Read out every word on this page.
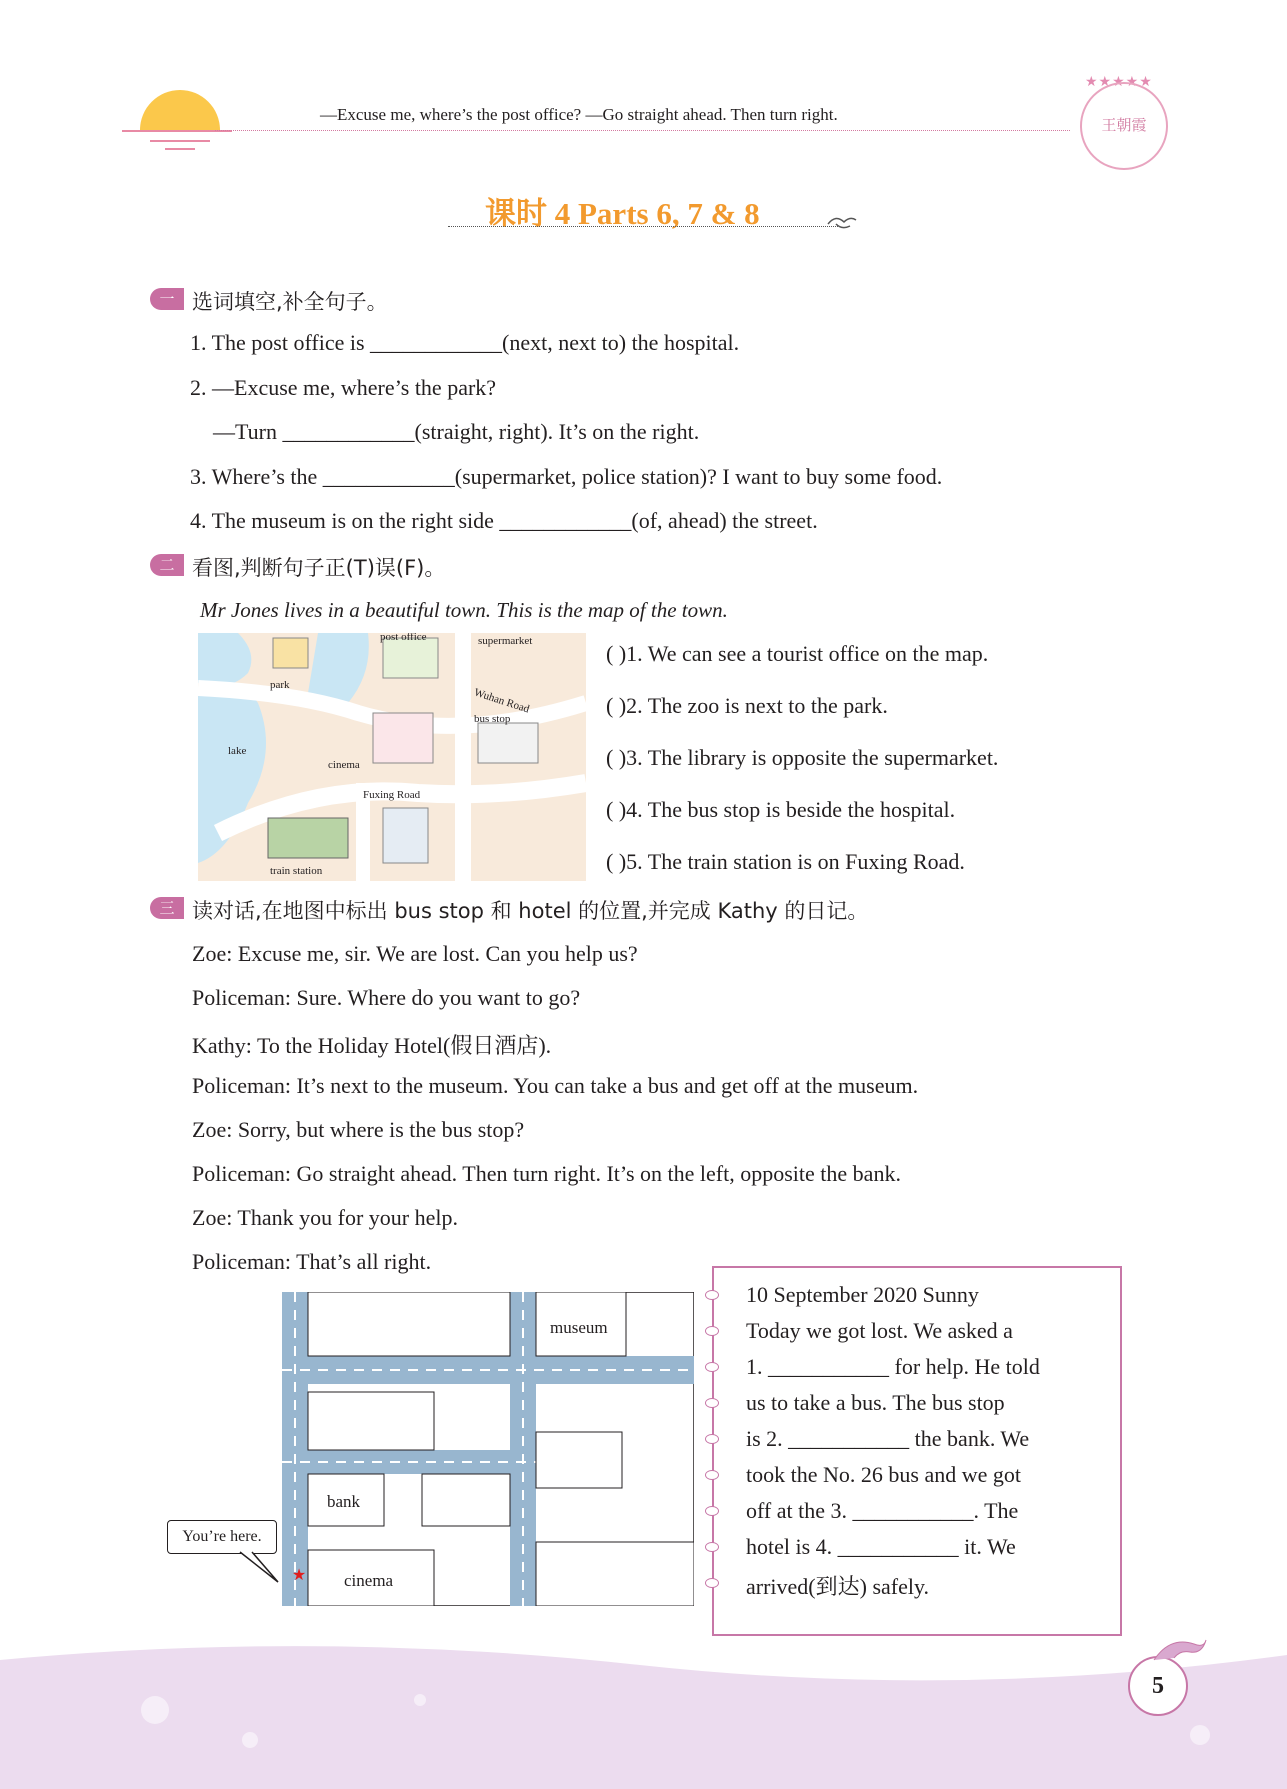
—Excuse me, where’s the post office? —Go straight ahead. Then turn right.
★★★★★
王朝霞
课时 4 Parts 6, 7 & 8
一 选词填空,补全句子。
1. The post office is ____________(next, next to) the hospital.
2. —Excuse me, where’s the park?
—Turn ____________(straight, right). It’s on the right.
3. Where’s the ____________(supermarket, police station)? I want to buy some food.
4. The museum is on the right side ____________(of, ahead) the street.
二 看图,判断句子正(T)误(F)。
Mr Jones lives in a beautiful town. This is the map of the town.
post office	supermarket
park
Wuhan Road
bus stop
lake
cinema
Fuxing Road
train station
( )1. We can see a tourist office on the map.
( )2. The zoo is next to the park.
( )3. The library is opposite the supermarket.
( )4. The bus stop is beside the hospital.
( )5. The train station is on Fuxing Road.
三 读对话,在地图中标出 bus stop 和 hotel 的位置,并完成 Kathy 的日记。
Zoe: Excuse me, sir. We are lost. Can you help us?
Policeman: Sure. Where do you want to go?
Kathy: To the Holiday Hotel(假日酒店).
Policeman: It’s next to the museum. You can take a bus and get off at the museum.
Zoe: Sorry, but where is the bus stop?
Policeman: Go straight ahead. Then turn right. It’s on the left, opposite the bank.
Zoe: Thank you for your help.
Policeman: That’s all right.
★
museum
bank
cinema
You’re here.
10 September 2020 Sunny
Today we got lost. We asked a
1. ___________ for help. He told
us to take a bus. The bus stop
is 2. ___________ the bank. We
took the No. 26 bus and we got
off at the 3. ___________. The
hotel is 4. ___________ it. We
arrived(到达) safely.
5
